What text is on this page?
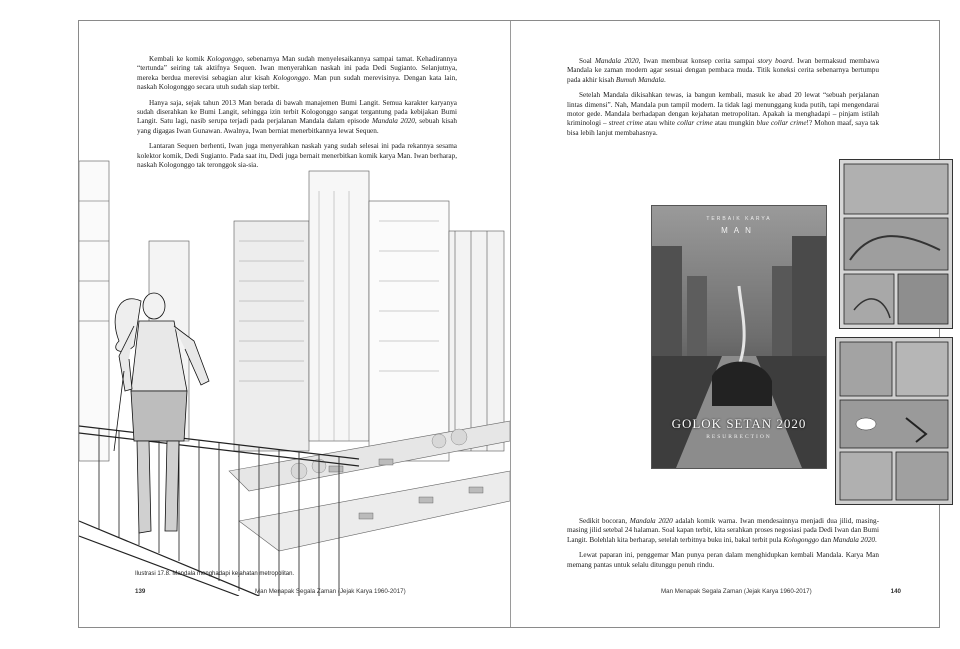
Kembali ke komik Kologonggo, sebenarnya Man sudah menyelesaikannya sampai tamat. Kehadirannya “tertunda” seiring tak aktifnya Sequen. Iwan menyerahkan naskah ini pada Dedi Sugianto. Selanjutnya, mereka berdua merevisi sebagian alur kisah Kologonggo. Man pun sudah merevisinya. Dengan kata lain, naskah Kologonggo secara utuh sudah siap terbit.

Hanya saja, sejak tahun 2013 Man berada di bawah manajemen Bumi Langit. Semua karakter karyanya sudah diserahkan ke Bumi Langit, sehingga izin terbit Kologonggo sangat tergantung pada kebijakan Bumi Langit. Satu lagi, nasib serupa terjadi pada perjalanan Mandala dalam episode Mandala 2020, sebuah kisah yang digagas Iwan Gunawan. Awalnya, Iwan berniat menerbitkannya lewat Sequen.

Lantaran Sequen berhenti, Iwan juga menyerahkan naskah yang sudah selesai ini pada rekannya sesama kolektor komik, Dedi Sugianto. Pada saat itu, Dedi juga bernait menerbitkan komik karya Man. Iwan berharap, naskah Kologonggo tak teronggok sia-sia.

Ilustrasi 17.8. Mandala menghadapi kejahatan metropolitan.
139	Man Menapak Segala Zaman (Jejak Karya 1960-2017)

Soal Mandala 2020, Iwan membuat konsep cerita sampai story board. Iwan bermaksud membawa Mandala ke zaman modern agar sesuai dengan pembaca muda. Titik koneksi cerita sebenarnya bertumpu pada akhir kisah Bumuh Mandala.

Setelah Mandala dikisahkan tewas, ia bangun kembali, masuk ke abad 20 lewat “sebuah perjalanan lintas dimensi”. Nah, Mandala pun tampil modern. Ia tidak lagi menunggang kuda putih, tapi mengendarai motor gede. Mandala berhadapan dengan kejahatan metropolitan. Apakah ia menghadapi – pinjam istilah kriminologi – street crime atau white collar crime atau mungkin blue collar crime!? Mohon maaf, saya tak bisa lebih lanjut membahasnya.

TERBAIK KARYA
MAN
GOLOK SETAN 2020
RESURRECTION

Sedikit bocoran, Mandala 2020 adalah komik warna. Iwan mendesainnya menjadi dua jilid, masing-masing jilid setebal 24 halaman. Soal kapan terbit, kita serahkan proses negosiasi pada Dedi Iwan dan Bumi Langit. Bolehlah kita berharap, setelah terbitnya buku ini, bakal terbit pula Kologonggo dan Mandala 2020.

Lewat paparan ini, penggemar Man punya peran dalam menghidupkan kembali Mandala. Karya Man memang pantas untuk selalu ditunggu penuh rindu.

Man Menapak Segala Zaman (Jejak Karya 1960-2017)	140
